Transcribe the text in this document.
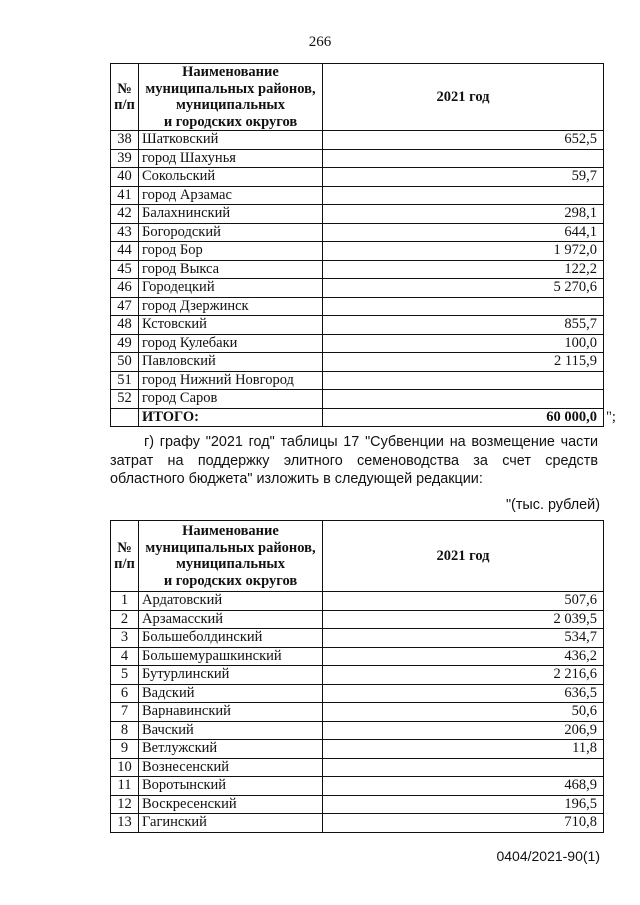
266
№
п/п	Наименование
муниципальных районов,
муниципальных
и городских округов	2021 год
38	Шатковский	652,5
39	город Шахунья	
40	Сокольский	59,7
41	город Арзамас	
42	Балахнинский	298,1
43	Богородский	644,1
44	город Бор	1 972,0
45	город Выкса	122,2
46	Городецкий	5 270,6
47	город Дзержинск	
48	Кстовский	855,7
49	город Кулебаки	100,0
50	Павловский	2 115,9
51	город Нижний Новгород	
52	город Саров	
	ИТОГО:	60 000,0 ";
г) графу "2021 год" таблицы 17 "Субвенции на возмещение части затрат на поддержку элитного семеноводства за счет средств областного бюджета" изложить в следующей редакции:
"(тыс. рублей)
№
п/п	Наименование
муниципальных районов,
муниципальных
и городских округов	2021 год
1	Ардатовский	507,6
2	Арзамасский	2 039,5
3	Большеболдинский	534,7
4	Большемурашкинский	436,2
5	Бутурлинский	2 216,6
6	Вадский	636,5
7	Варнавинский	50,6
8	Вачский	206,9
9	Ветлужский	11,8
10	Вознесенский	
11	Воротынский	468,9
12	Воскресенский	196,5
13	Гагинский	710,8
0404/2021-90(1)
